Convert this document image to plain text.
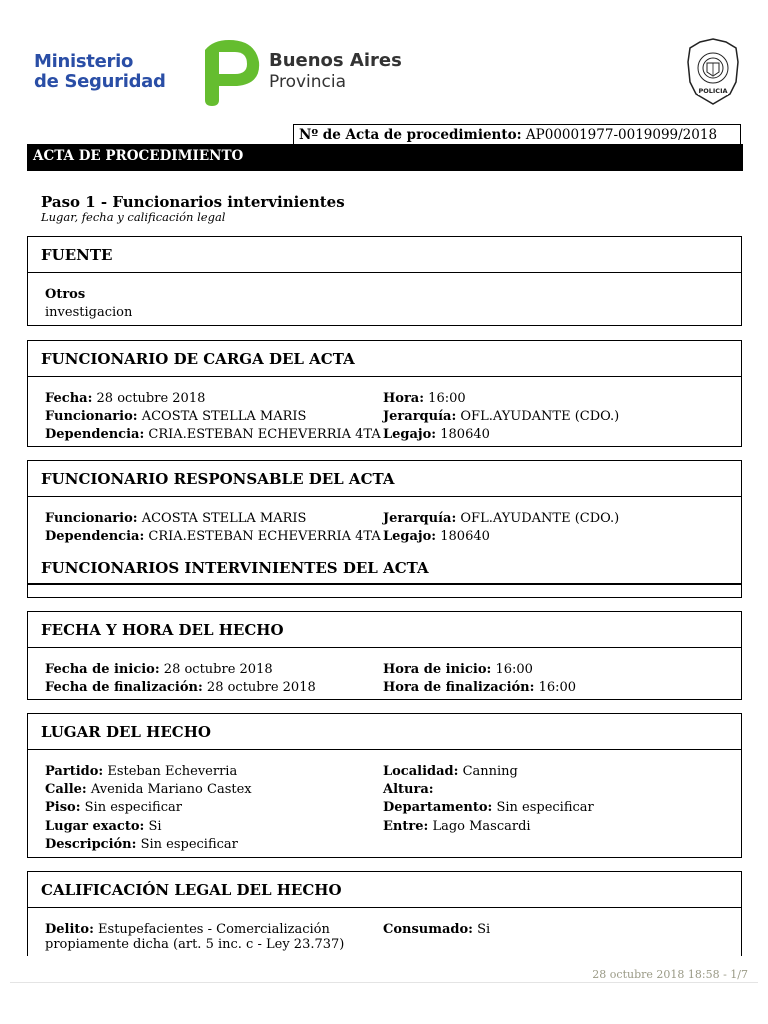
Ministerio
de Seguridad
Buenos Aires
Provincia	POLICIA
Nº de Acta de procedimiento: AP00001977-0019099/2018
ACTA DE PROCEDIMIENTO
Paso 1 - Funcionarios intervinientes
Lugar, fecha y calificación legal
FUENTE
Otros
investigacion
FUNCIONARIO DE CARGA DEL ACTA
Fecha: 28 octubre 2018	Hora: 16:00
Funcionario: ACOSTA STELLA MARIS	Jerarquía: OFL.AYUDANTE (CDO.)
Dependencia: CRIA.ESTEBAN ECHEVERRIA 4TA Legajo: 180640
FUNCIONARIO RESPONSABLE DEL ACTA
Funcionario: ACOSTA STELLA MARIS	Jerarquía: OFL.AYUDANTE (CDO.)
Dependencia: CRIA.ESTEBAN ECHEVERRIA 4TA Legajo: 180640
FUNCIONARIOS INTERVINIENTES DEL ACTA
FECHA Y HORA DEL HECHO
Fecha de inicio: 28 octubre 2018	Hora de inicio: 16:00
Fecha de finalización: 28 octubre 2018	Hora de finalización: 16:00
LUGAR DEL HECHO
Partido: Esteban Echeverria	Localidad: Canning
Calle: Avenida Mariano Castex	Altura:
Piso: Sin especificar	Departamento: Sin especificar
Lugar exacto: Si	Entre: Lago Mascardi
Descripción: Sin especificar
CALIFICACIÓN LEGAL DEL HECHO
Delito: Estupefacientes - Comercialización
propiamente dicha (art. 5 inc. c - Ley 23.737)
Consumado: Si
28 octubre 2018 18:58 - 1/7
